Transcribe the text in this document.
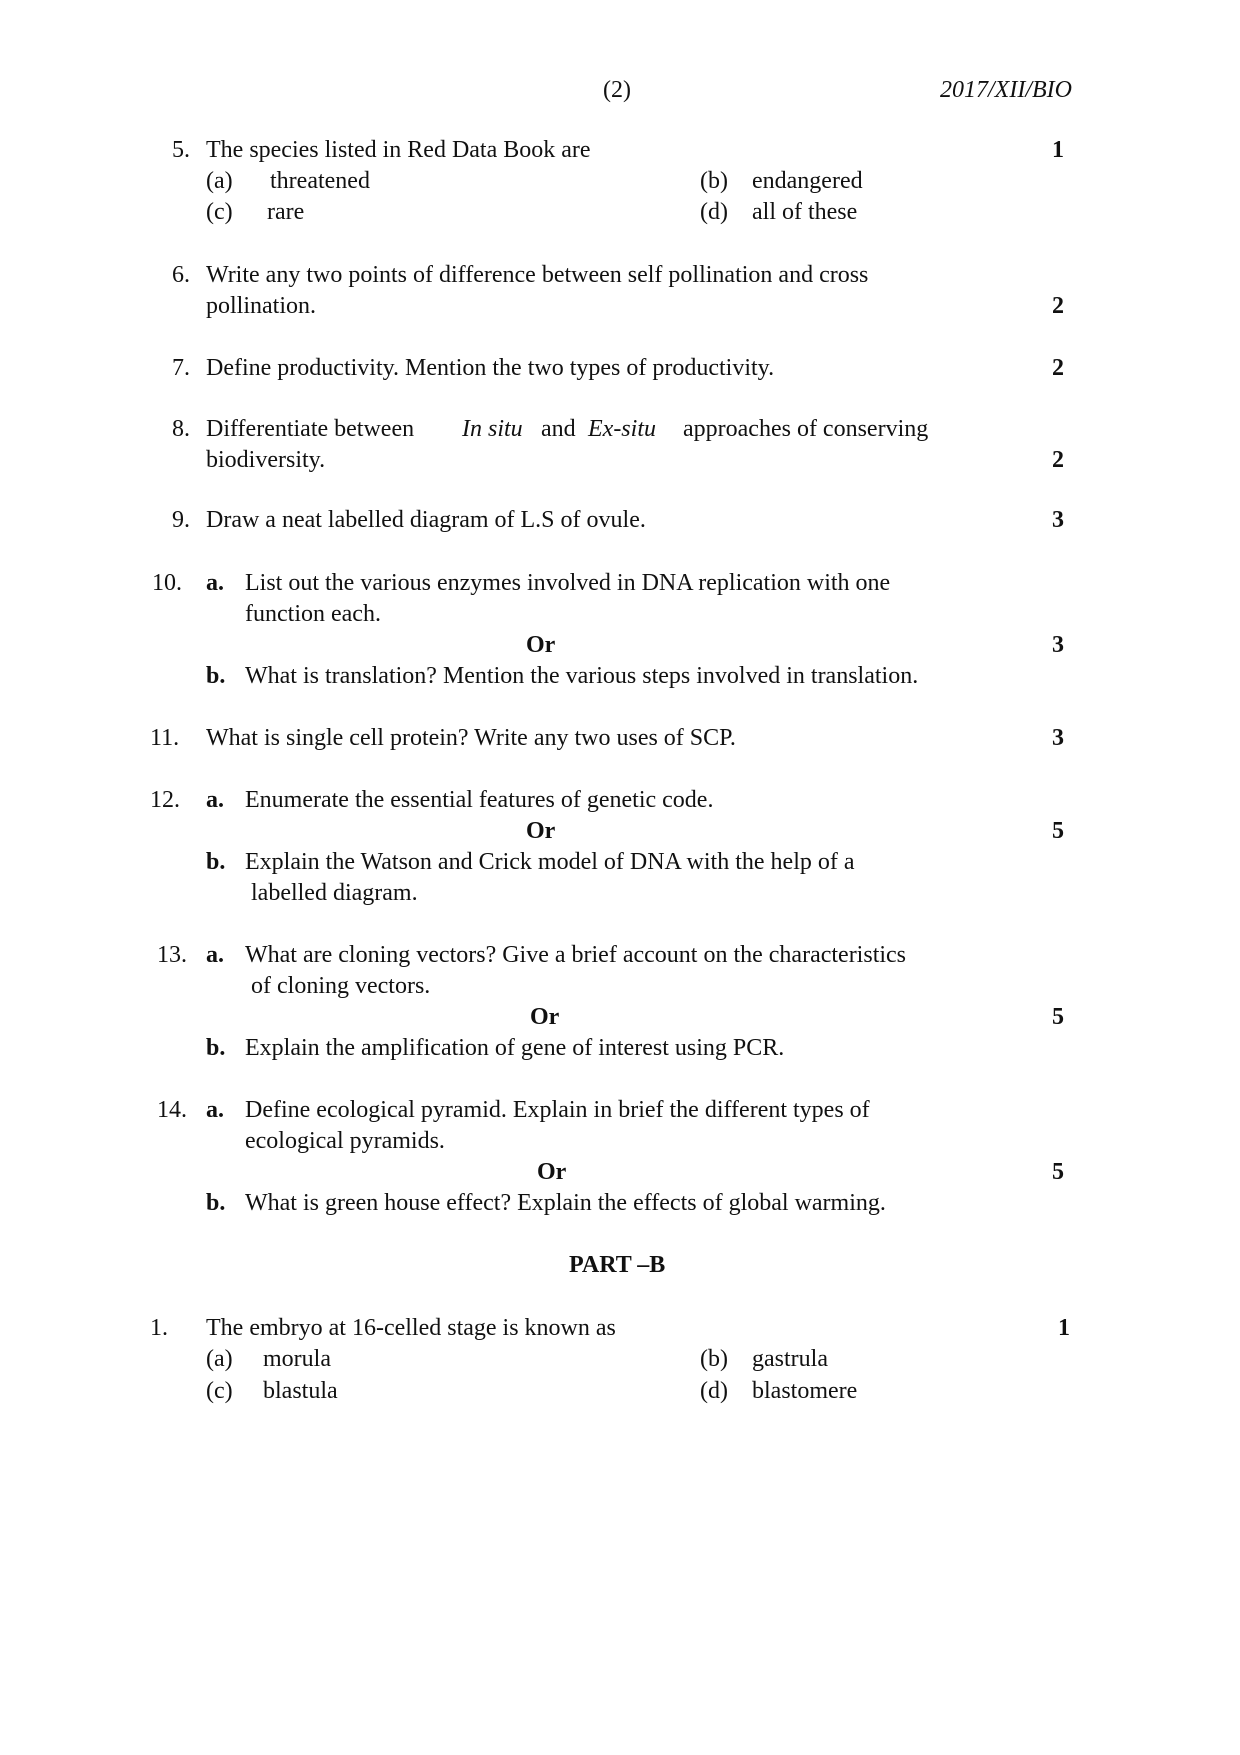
(2)	2017/XII/BIO
5. The species listed in Red Data Book are	1
(a) threatened	(b) endangered
(c) rare	(d) all of these
6. Write any two points of difference between self pollination and cross
pollination.	2
7. Define productivity. Mention the two types of productivity.	2
8. Differentiate between In situ and Ex-situ approaches of conserving
biodiversity.	2
9. Draw a neat labelled diagram of L.S of ovule.	3
10. a. List out the various enzymes involved in DNA replication with one
function each.
Or	3
b. What is translation? Mention the various steps involved in translation.
11. What is single cell protein? Write any two uses of SCP.	3
12. a. Enumerate the essential features of genetic code.
Or	5
b. Explain the Watson and Crick model of DNA with the help of a
labelled diagram.
13. a. What are cloning vectors? Give a brief account on the characteristics
of cloning vectors.
Or	5
b. Explain the amplification of gene of interest using PCR.
14. a. Define ecological pyramid. Explain in brief the different types of
ecological pyramids.
Or	5
b. What is green house effect? Explain the effects of global warming.
PART –B
1. The embryo at 16-celled stage is known as	1
(a) morula	(b) gastrula
(c) blastula	(d) blastomere
